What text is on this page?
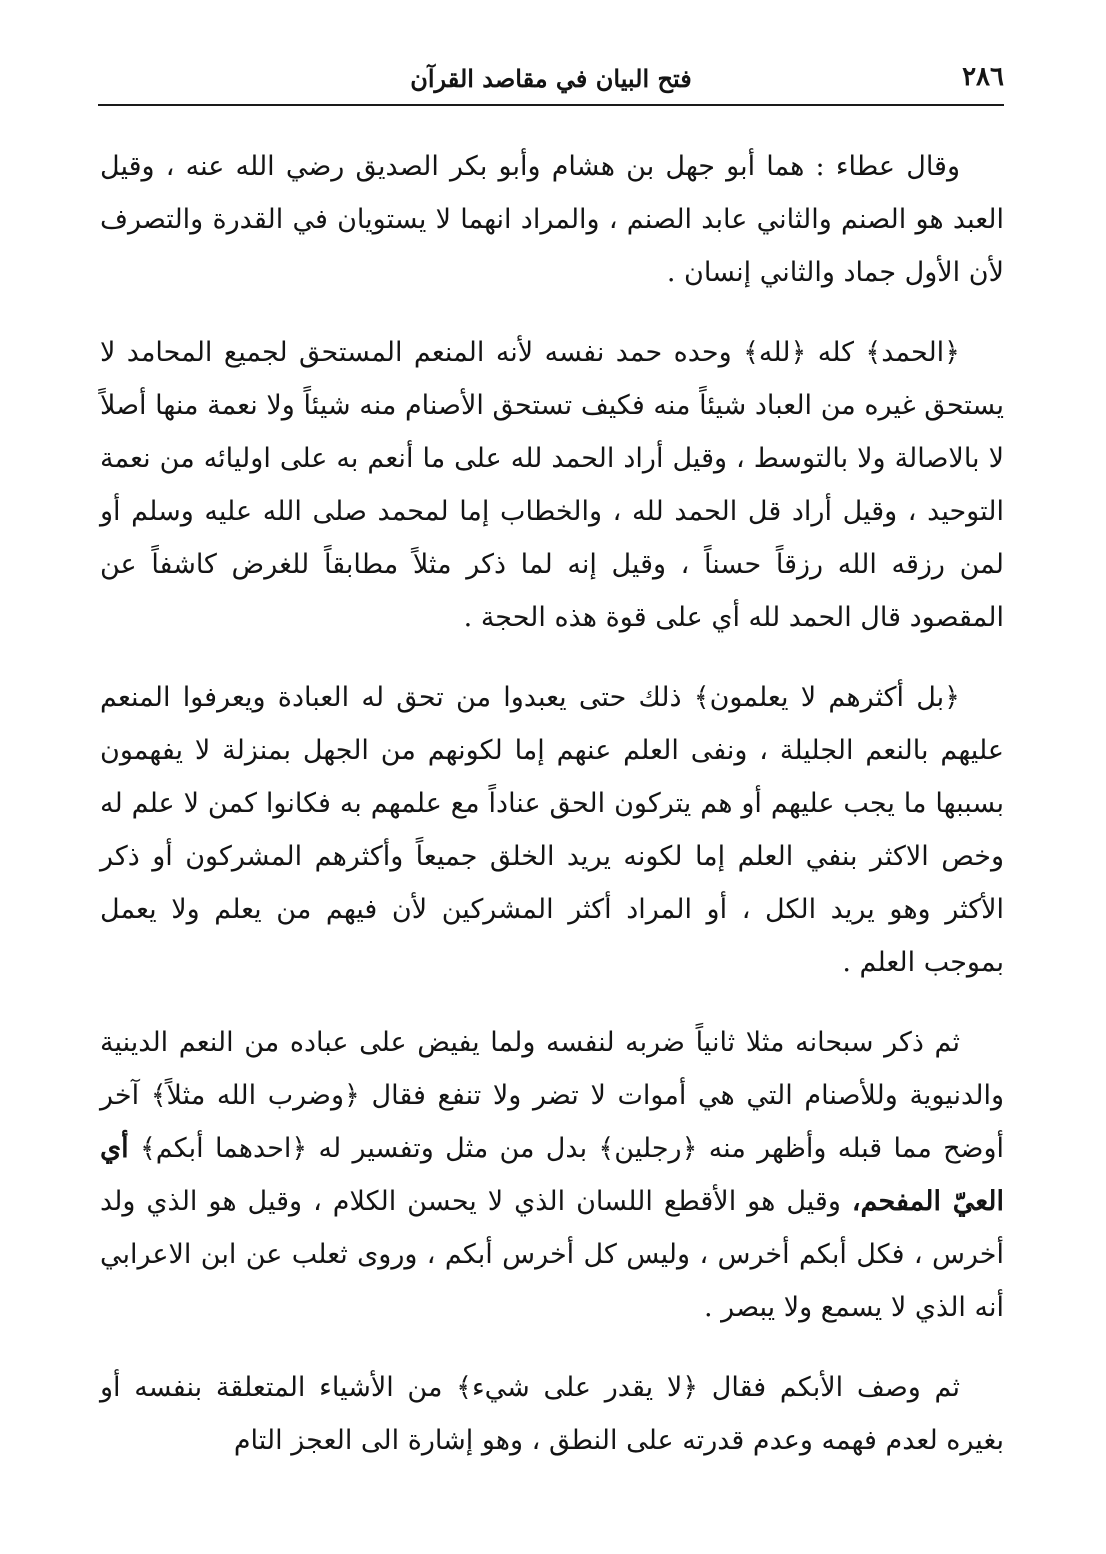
٢٨٦
فتح البيان في مقاصد القرآن

وقال عطاء : هما أبو جهل بن هشام وأبو بكر الصديق رضي الله عنه ، وقيل العبد هو الصنم والثاني عابد الصنم ، والمراد انهما لا يستويان في القدرة والتصرف لأن الأول جماد والثاني إنسان .

﴿الحمد﴾ كله ﴿لله﴾ وحده حمد نفسه لأنه المنعم المستحق لجميع المحامد لا يستحق غيره من العباد شيئاً منه فكيف تستحق الأصنام منه شيئاً ولا نعمة منها أصلاً لا بالاصالة ولا بالتوسط ، وقيل أراد الحمد لله على ما أنعم به على اوليائه من نعمة التوحيد ، وقيل أراد قل الحمد لله ، والخطاب إما لمحمد صلى الله عليه وسلم أو لمن رزقه الله رزقاً حسناً ، وقيل إنه لما ذكر مثلاً مطابقاً للغرض كاشفاً عن المقصود قال الحمد لله أي على قوة هذه الحجة .

﴿بل أكثرهم لا يعلمون﴾ ذلك حتى يعبدوا من تحق له العبادة ويعرفوا المنعم عليهم بالنعم الجليلة ، ونفى العلم عنهم إما لكونهم من الجهل بمنزلة لا يفهمون بسببها ما يجب عليهم أو هم يتركون الحق عناداً مع علمهم به فكانوا كمن لا علم له وخص الاكثر بنفي العلم إما لكونه يريد الخلق جميعاً وأكثرهم المشركون أو ذكر الأكثر وهو يريد الكل ، أو المراد أكثر المشركين لأن فيهم من يعلم ولا يعمل بموجب العلم .

ثم ذكر سبحانه مثلا ثانياً ضربه لنفسه ولما يفيض على عباده من النعم الدينية والدنيوية وللأصنام التي هي أموات لا تضر ولا تنفع فقال ﴿وضرب الله مثلاً﴾ آخر أوضح مما قبله وأظهر منه ﴿رجلين﴾ بدل من مثل وتفسير له ﴿احدهما أبكم﴾ أي العيّ المفحم، وقيل هو الأقطع اللسان الذي لا يحسن الكلام ، وقيل هو الذي ولد أخرس ، فكل أبكم أخرس ، وليس كل أخرس أبكم ، وروى ثعلب عن ابن الاعرابي أنه الذي لا يسمع ولا يبصر .

ثم وصف الأبكم فقال ﴿لا يقدر على شيء﴾ من الأشياء المتعلقة بنفسه أو بغيره لعدم فهمه وعدم قدرته على النطق ، وهو إشارة الى العجز التام
